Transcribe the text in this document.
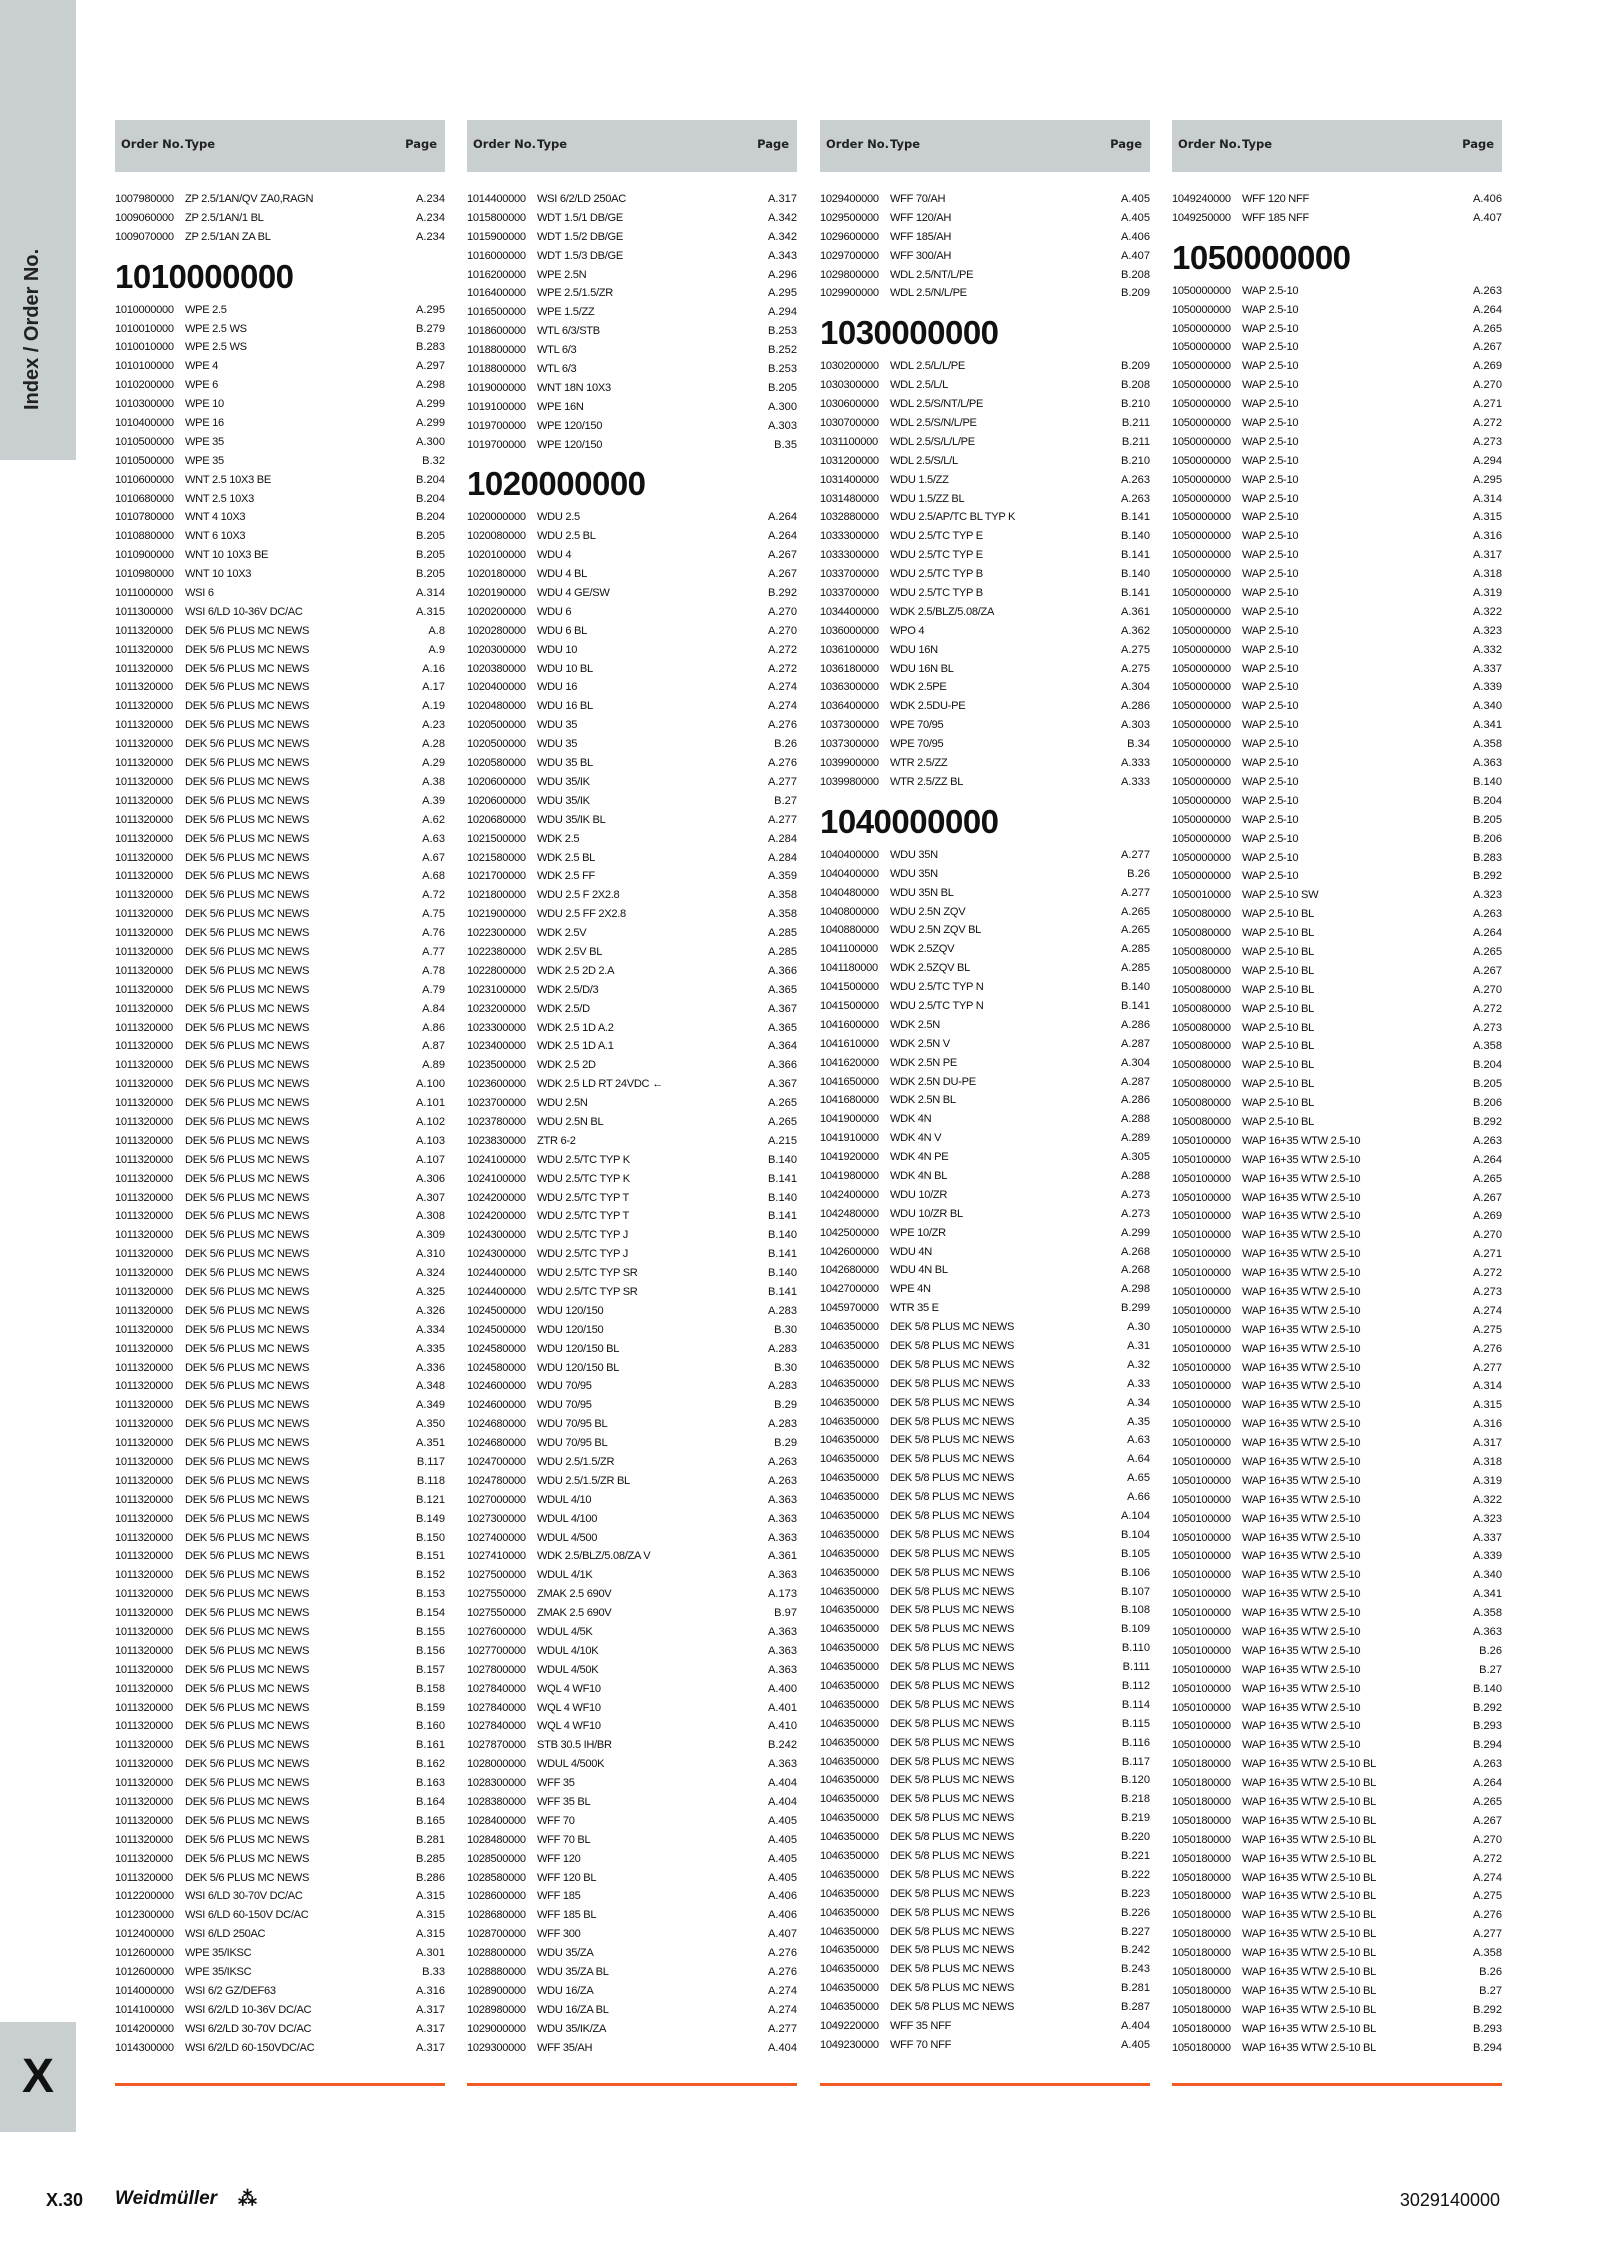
Index / Order No.
X
Order No. Type	Page
1007980000	ZP 2.5/1AN/QV ZA0,RAGN	A.234
1009060000	ZP 2.5/1AN/1 BL	A.234
1009070000	ZP 2.5/1AN ZA BL	A.234
1010000000
1010000000	WPE 2.5	A.295
1010010000	WPE 2.5 WS	B.279
1010010000	WPE 2.5 WS	B.283
1010100000	WPE 4	A.297
1010200000	WPE 6	A.298
1010300000	WPE 10	A.299
1010400000	WPE 16	A.299
1010500000	WPE 35	A.300
1010500000	WPE 35	B.32
1010600000	WNT 2.5 10X3 BE	B.204
1010680000	WNT 2.5 10X3	B.204
1010780000	WNT 4 10X3	B.204
1010880000	WNT 6 10X3	B.205
1010900000	WNT 10 10X3 BE	B.205
1010980000	WNT 10 10X3	B.205
1011000000	WSI 6	A.314
1011300000	WSI 6/LD 10-36V DC/AC	A.315
1011320000	DEK 5/6 PLUS MC NEWS	A.8
1011320000	DEK 5/6 PLUS MC NEWS	A.9
1011320000	DEK 5/6 PLUS MC NEWS	A.16
1011320000	DEK 5/6 PLUS MC NEWS	A.17
1011320000	DEK 5/6 PLUS MC NEWS	A.19
1011320000	DEK 5/6 PLUS MC NEWS	A.23
1011320000	DEK 5/6 PLUS MC NEWS	A.28
1011320000	DEK 5/6 PLUS MC NEWS	A.29
1011320000	DEK 5/6 PLUS MC NEWS	A.38
1011320000	DEK 5/6 PLUS MC NEWS	A.39
1011320000	DEK 5/6 PLUS MC NEWS	A.62
1011320000	DEK 5/6 PLUS MC NEWS	A.63
1011320000	DEK 5/6 PLUS MC NEWS	A.67
1011320000	DEK 5/6 PLUS MC NEWS	A.68
1011320000	DEK 5/6 PLUS MC NEWS	A.72
1011320000	DEK 5/6 PLUS MC NEWS	A.75
1011320000	DEK 5/6 PLUS MC NEWS	A.76
1011320000	DEK 5/6 PLUS MC NEWS	A.77
1011320000	DEK 5/6 PLUS MC NEWS	A.78
1011320000	DEK 5/6 PLUS MC NEWS	A.79
1011320000	DEK 5/6 PLUS MC NEWS	A.84
1011320000	DEK 5/6 PLUS MC NEWS	A.86
1011320000	DEK 5/6 PLUS MC NEWS	A.87
1011320000	DEK 5/6 PLUS MC NEWS	A.89
1011320000	DEK 5/6 PLUS MC NEWS	A.100
1011320000	DEK 5/6 PLUS MC NEWS	A.101
1011320000	DEK 5/6 PLUS MC NEWS	A.102
1011320000	DEK 5/6 PLUS MC NEWS	A.103
1011320000	DEK 5/6 PLUS MC NEWS	A.107
1011320000	DEK 5/6 PLUS MC NEWS	A.306
1011320000	DEK 5/6 PLUS MC NEWS	A.307
1011320000	DEK 5/6 PLUS MC NEWS	A.308
1011320000	DEK 5/6 PLUS MC NEWS	A.309
1011320000	DEK 5/6 PLUS MC NEWS	A.310
1011320000	DEK 5/6 PLUS MC NEWS	A.324
1011320000	DEK 5/6 PLUS MC NEWS	A.325
1011320000	DEK 5/6 PLUS MC NEWS	A.326
1011320000	DEK 5/6 PLUS MC NEWS	A.334
1011320000	DEK 5/6 PLUS MC NEWS	A.335
1011320000	DEK 5/6 PLUS MC NEWS	A.336
1011320000	DEK 5/6 PLUS MC NEWS	A.348
1011320000	DEK 5/6 PLUS MC NEWS	A.349
1011320000	DEK 5/6 PLUS MC NEWS	A.350
1011320000	DEK 5/6 PLUS MC NEWS	A.351
1011320000	DEK 5/6 PLUS MC NEWS	B.117
1011320000	DEK 5/6 PLUS MC NEWS	B.118
1011320000	DEK 5/6 PLUS MC NEWS	B.121
1011320000	DEK 5/6 PLUS MC NEWS	B.149
1011320000	DEK 5/6 PLUS MC NEWS	B.150
1011320000	DEK 5/6 PLUS MC NEWS	B.151
1011320000	DEK 5/6 PLUS MC NEWS	B.152
1011320000	DEK 5/6 PLUS MC NEWS	B.153
1011320000	DEK 5/6 PLUS MC NEWS	B.154
1011320000	DEK 5/6 PLUS MC NEWS	B.155
1011320000	DEK 5/6 PLUS MC NEWS	B.156
1011320000	DEK 5/6 PLUS MC NEWS	B.157
1011320000	DEK 5/6 PLUS MC NEWS	B.158
1011320000	DEK 5/6 PLUS MC NEWS	B.159
1011320000	DEK 5/6 PLUS MC NEWS	B.160
1011320000	DEK 5/6 PLUS MC NEWS	B.161
1011320000	DEK 5/6 PLUS MC NEWS	B.162
1011320000	DEK 5/6 PLUS MC NEWS	B.163
1011320000	DEK 5/6 PLUS MC NEWS	B.164
1011320000	DEK 5/6 PLUS MC NEWS	B.165
1011320000	DEK 5/6 PLUS MC NEWS	B.281
1011320000	DEK 5/6 PLUS MC NEWS	B.285
1011320000	DEK 5/6 PLUS MC NEWS	B.286
1012200000	WSI 6/LD 30-70V DC/AC	A.315
1012300000	WSI 6/LD 60-150V DC/AC	A.315
1012400000	WSI 6/LD 250AC	A.315
1012600000	WPE 35/IKSC	A.301
1012600000	WPE 35/IKSC	B.33
1014000000	WSI 6/2 GZ/DEF63	A.316
1014100000	WSI 6/2/LD 10-36V DC/AC	A.317
1014200000	WSI 6/2/LD 30-70V DC/AC	A.317
1014300000	WSI 6/2/LD 60-150VDC/AC	A.317
Order No. Type	Page
1014400000	WSI 6/2/LD 250AC	A.317
1015800000	WDT 1.5/1 DB/GE	A.342
1015900000	WDT 1.5/2 DB/GE	A.342
1016000000	WDT 1.5/3 DB/GE	A.343
1016200000	WPE 2.5N	A.296
1016400000	WPE 2.5/1.5/ZR	A.295
1016500000	WPE 1.5/ZZ	A.294
1018600000	WTL 6/3/STB	B.253
1018800000	WTL 6/3	B.252
1018800000	WTL 6/3	B.253
1019000000	WNT 18N 10X3	B.205
1019100000	WPE 16N	A.300
1019700000	WPE 120/150	A.303
1019700000	WPE 120/150	B.35
1020000000
1020000000	WDU 2.5	A.264
1020080000	WDU 2.5 BL	A.264
1020100000	WDU 4	A.267
1020180000	WDU 4 BL	A.267
1020190000	WDU 4 GE/SW	B.292
1020200000	WDU 6	A.270
1020280000	WDU 6 BL	A.270
1020300000	WDU 10	A.272
1020380000	WDU 10 BL	A.272
1020400000	WDU 16	A.274
1020480000	WDU 16 BL	A.274
1020500000	WDU 35	A.276
1020500000	WDU 35	B.26
1020580000	WDU 35 BL	A.276
1020600000	WDU 35/IK	A.277
1020600000	WDU 35/IK	B.27
1020680000	WDU 35/IK BL	A.277
1021500000	WDK 2.5	A.284
1021580000	WDK 2.5 BL	A.284
1021700000	WDK 2.5 FF	A.359
1021800000	WDU 2.5 F 2X2.8	A.358
1021900000	WDU 2.5 FF 2X2.8	A.358
1022300000	WDK 2.5V	A.285
1022380000	WDK 2.5V BL	A.285
1022800000	WDK 2.5 2D 2.A	A.366
1023100000	WDK 2.5/D/3	A.365
1023200000	WDK 2.5/D	A.367
1023300000	WDK 2.5 1D A.2	A.365
1023400000	WDK 2.5 1D A.1	A.364
1023500000	WDK 2.5 2D	A.366
1023600000	WDK 2.5 LD RT 24VDC ←	A.367
1023700000	WDU 2.5N	A.265
1023780000	WDU 2.5N BL	A.265
1023830000	ZTR 6-2	A.215
1024100000	WDU 2.5/TC TYP K	B.140
1024100000	WDU 2.5/TC TYP K	B.141
1024200000	WDU 2.5/TC TYP T	B.140
1024200000	WDU 2.5/TC TYP T	B.141
1024300000	WDU 2.5/TC TYP J	B.140
1024300000	WDU 2.5/TC TYP J	B.141
1024400000	WDU 2.5/TC TYP SR	B.140
1024400000	WDU 2.5/TC TYP SR	B.141
1024500000	WDU 120/150	A.283
1024500000	WDU 120/150	B.30
1024580000	WDU 120/150 BL	A.283
1024580000	WDU 120/150 BL	B.30
1024600000	WDU 70/95	A.283
1024600000	WDU 70/95	B.29
1024680000	WDU 70/95 BL	A.283
1024680000	WDU 70/95 BL	B.29
1024700000	WDU 2.5/1.5/ZR	A.263
1024780000	WDU 2.5/1.5/ZR BL	A.263
1027000000	WDUL 4/10	A.363
1027300000	WDUL 4/100	A.363
1027400000	WDUL 4/500	A.363
1027410000	WDK 2.5/BLZ/5.08/ZA V	A.361
1027500000	WDUL 4/1K	A.363
1027550000	ZMAK 2.5 690V	A.173
1027550000	ZMAK 2.5 690V	B.97
1027600000	WDUL 4/5K	A.363
1027700000	WDUL 4/10K	A.363
1027800000	WDUL 4/50K	A.363
1027840000	WQL 4 WF10	A.400
1027840000	WQL 4 WF10	A.401
1027840000	WQL 4 WF10	A.410
1027870000	STB 30.5 IH/BR	B.242
1028000000	WDUL 4/500K	A.363
1028300000	WFF 35	A.404
1028380000	WFF 35 BL	A.404
1028400000	WFF 70	A.405
1028480000	WFF 70 BL	A.405
1028500000	WFF 120	A.405
1028580000	WFF 120 BL	A.405
1028600000	WFF 185	A.406
1028680000	WFF 185 BL	A.406
1028700000	WFF 300	A.407
1028800000	WDU 35/ZA	A.276
1028880000	WDU 35/ZA BL	A.276
1028900000	WDU 16/ZA	A.274
1028980000	WDU 16/ZA BL	A.274
1029000000	WDU 35/IK/ZA	A.277
1029300000	WFF 35/AH	A.404
Order No. Type	Page
1029400000	WFF 70/AH	A.405
1029500000	WFF 120/AH	A.405
1029600000	WFF 185/AH	A.406
1029700000	WFF 300/AH	A.407
1029800000	WDL 2.5/NT/L/PE	B.208
1029900000	WDL 2.5/N/L/PE	B.209
1030000000
1030200000	WDL 2.5/L/L/PE	B.209
1030300000	WDL 2.5/L/L	B.208
1030600000	WDL 2.5/S/NT/L/PE	B.210
1030700000	WDL 2.5/S/N/L/PE	B.211
1031100000	WDL 2.5/S/L/L/PE	B.211
1031200000	WDL 2.5/S/L/L	B.210
1031400000	WDU 1.5/ZZ	A.263
1031480000	WDU 1.5/ZZ BL	A.263
1032880000	WDU 2.5/AP/TC BL TYP K	B.141
1033300000	WDU 2.5/TC TYP E	B.140
1033300000	WDU 2.5/TC TYP E	B.141
1033700000	WDU 2.5/TC TYP B	B.140
1033700000	WDU 2.5/TC TYP B	B.141
1034400000	WDK 2.5/BLZ/5.08/ZA	A.361
1036000000	WPO 4	A.362
1036100000	WDU 16N	A.275
1036180000	WDU 16N BL	A.275
1036300000	WDK 2.5PE	A.304
1036400000	WDK 2.5DU-PE	A.286
1037300000	WPE 70/95	A.303
1037300000	WPE 70/95	B.34
1039900000	WTR 2.5/ZZ	A.333
1039980000	WTR 2.5/ZZ BL	A.333
1040000000
1040400000	WDU 35N	A.277
1040400000	WDU 35N	B.26
1040480000	WDU 35N BL	A.277
1040800000	WDU 2.5N ZQV	A.265
1040880000	WDU 2.5N ZQV BL	A.265
1041100000	WDK 2.5ZQV	A.285
1041180000	WDK 2.5ZQV BL	A.285
1041500000	WDU 2.5/TC TYP N	B.140
1041500000	WDU 2.5/TC TYP N	B.141
1041600000	WDK 2.5N	A.286
1041610000	WDK 2.5N V	A.287
1041620000	WDK 2.5N PE	A.304
1041650000	WDK 2.5N DU-PE	A.287
1041680000	WDK 2.5N BL	A.286
1041900000	WDK 4N	A.288
1041910000	WDK 4N V	A.289
1041920000	WDK 4N PE	A.305
1041980000	WDK 4N BL	A.288
1042400000	WDU 10/ZR	A.273
1042480000	WDU 10/ZR BL	A.273
1042500000	WPE 10/ZR	A.299
1042600000	WDU 4N	A.268
1042680000	WDU 4N BL	A.268
1042700000	WPE 4N	A.298
1045970000	WTR 35 E	B.299
1046350000	DEK 5/8 PLUS MC NEWS	A.30
1046350000	DEK 5/8 PLUS MC NEWS	A.31
1046350000	DEK 5/8 PLUS MC NEWS	A.32
1046350000	DEK 5/8 PLUS MC NEWS	A.33
1046350000	DEK 5/8 PLUS MC NEWS	A.34
1046350000	DEK 5/8 PLUS MC NEWS	A.35
1046350000	DEK 5/8 PLUS MC NEWS	A.63
1046350000	DEK 5/8 PLUS MC NEWS	A.64
1046350000	DEK 5/8 PLUS MC NEWS	A.65
1046350000	DEK 5/8 PLUS MC NEWS	A.66
1046350000	DEK 5/8 PLUS MC NEWS	A.104
1046350000	DEK 5/8 PLUS MC NEWS	B.104
1046350000	DEK 5/8 PLUS MC NEWS	B.105
1046350000	DEK 5/8 PLUS MC NEWS	B.106
1046350000	DEK 5/8 PLUS MC NEWS	B.107
1046350000	DEK 5/8 PLUS MC NEWS	B.108
1046350000	DEK 5/8 PLUS MC NEWS	B.109
1046350000	DEK 5/8 PLUS MC NEWS	B.110
1046350000	DEK 5/8 PLUS MC NEWS	B.111
1046350000	DEK 5/8 PLUS MC NEWS	B.112
1046350000	DEK 5/8 PLUS MC NEWS	B.114
1046350000	DEK 5/8 PLUS MC NEWS	B.115
1046350000	DEK 5/8 PLUS MC NEWS	B.116
1046350000	DEK 5/8 PLUS MC NEWS	B.117
1046350000	DEK 5/8 PLUS MC NEWS	B.120
1046350000	DEK 5/8 PLUS MC NEWS	B.218
1046350000	DEK 5/8 PLUS MC NEWS	B.219
1046350000	DEK 5/8 PLUS MC NEWS	B.220
1046350000	DEK 5/8 PLUS MC NEWS	B.221
1046350000	DEK 5/8 PLUS MC NEWS	B.222
1046350000	DEK 5/8 PLUS MC NEWS	B.223
1046350000	DEK 5/8 PLUS MC NEWS	B.226
1046350000	DEK 5/8 PLUS MC NEWS	B.227
1046350000	DEK 5/8 PLUS MC NEWS	B.242
1046350000	DEK 5/8 PLUS MC NEWS	B.243
1046350000	DEK 5/8 PLUS MC NEWS	B.281
1046350000	DEK 5/8 PLUS MC NEWS	B.287
1049220000	WFF 35 NFF	A.404
1049230000	WFF 70 NFF	A.405
Order No. Type	Page
1049240000	WFF 120 NFF	A.406
1049250000	WFF 185 NFF	A.407
1050000000
1050000000	WAP 2.5-10	A.263
1050000000	WAP 2.5-10	A.264
1050000000	WAP 2.5-10	A.265
1050000000	WAP 2.5-10	A.267
1050000000	WAP 2.5-10	A.269
1050000000	WAP 2.5-10	A.270
1050000000	WAP 2.5-10	A.271
1050000000	WAP 2.5-10	A.272
1050000000	WAP 2.5-10	A.273
1050000000	WAP 2.5-10	A.294
1050000000	WAP 2.5-10	A.295
1050000000	WAP 2.5-10	A.314
1050000000	WAP 2.5-10	A.315
1050000000	WAP 2.5-10	A.316
1050000000	WAP 2.5-10	A.317
1050000000	WAP 2.5-10	A.318
1050000000	WAP 2.5-10	A.319
1050000000	WAP 2.5-10	A.322
1050000000	WAP 2.5-10	A.323
1050000000	WAP 2.5-10	A.332
1050000000	WAP 2.5-10	A.337
1050000000	WAP 2.5-10	A.339
1050000000	WAP 2.5-10	A.340
1050000000	WAP 2.5-10	A.341
1050000000	WAP 2.5-10	A.358
1050000000	WAP 2.5-10	A.363
1050000000	WAP 2.5-10	B.140
1050000000	WAP 2.5-10	B.204
1050000000	WAP 2.5-10	B.205
1050000000	WAP 2.5-10	B.206
1050000000	WAP 2.5-10	B.283
1050000000	WAP 2.5-10	B.292
1050010000	WAP 2.5-10 SW	A.323
1050080000	WAP 2.5-10 BL	A.263
1050080000	WAP 2.5-10 BL	A.264
1050080000	WAP 2.5-10 BL	A.265
1050080000	WAP 2.5-10 BL	A.267
1050080000	WAP 2.5-10 BL	A.270
1050080000	WAP 2.5-10 BL	A.272
1050080000	WAP 2.5-10 BL	A.273
1050080000	WAP 2.5-10 BL	A.358
1050080000	WAP 2.5-10 BL	B.204
1050080000	WAP 2.5-10 BL	B.205
1050080000	WAP 2.5-10 BL	B.206
1050080000	WAP 2.5-10 BL	B.292
1050100000	WAP 16+35 WTW 2.5-10	A.263
1050100000	WAP 16+35 WTW 2.5-10	A.264
1050100000	WAP 16+35 WTW 2.5-10	A.265
1050100000	WAP 16+35 WTW 2.5-10	A.267
1050100000	WAP 16+35 WTW 2.5-10	A.269
1050100000	WAP 16+35 WTW 2.5-10	A.270
1050100000	WAP 16+35 WTW 2.5-10	A.271
1050100000	WAP 16+35 WTW 2.5-10	A.272
1050100000	WAP 16+35 WTW 2.5-10	A.273
1050100000	WAP 16+35 WTW 2.5-10	A.274
1050100000	WAP 16+35 WTW 2.5-10	A.275
1050100000	WAP 16+35 WTW 2.5-10	A.276
1050100000	WAP 16+35 WTW 2.5-10	A.277
1050100000	WAP 16+35 WTW 2.5-10	A.314
1050100000	WAP 16+35 WTW 2.5-10	A.315
1050100000	WAP 16+35 WTW 2.5-10	A.316
1050100000	WAP 16+35 WTW 2.5-10	A.317
1050100000	WAP 16+35 WTW 2.5-10	A.318
1050100000	WAP 16+35 WTW 2.5-10	A.319
1050100000	WAP 16+35 WTW 2.5-10	A.322
1050100000	WAP 16+35 WTW 2.5-10	A.323
1050100000	WAP 16+35 WTW 2.5-10	A.337
1050100000	WAP 16+35 WTW 2.5-10	A.339
1050100000	WAP 16+35 WTW 2.5-10	A.340
1050100000	WAP 16+35 WTW 2.5-10	A.341
1050100000	WAP 16+35 WTW 2.5-10	A.358
1050100000	WAP 16+35 WTW 2.5-10	A.363
1050100000	WAP 16+35 WTW 2.5-10	B.26
1050100000	WAP 16+35 WTW 2.5-10	B.27
1050100000	WAP 16+35 WTW 2.5-10	B.140
1050100000	WAP 16+35 WTW 2.5-10	B.292
1050100000	WAP 16+35 WTW 2.5-10	B.293
1050100000	WAP 16+35 WTW 2.5-10	B.294
1050180000	WAP 16+35 WTW 2.5-10 BL	A.263
1050180000	WAP 16+35 WTW 2.5-10 BL	A.264
1050180000	WAP 16+35 WTW 2.5-10 BL	A.265
1050180000	WAP 16+35 WTW 2.5-10 BL	A.267
1050180000	WAP 16+35 WTW 2.5-10 BL	A.270
1050180000	WAP 16+35 WTW 2.5-10 BL	A.272
1050180000	WAP 16+35 WTW 2.5-10 BL	A.274
1050180000	WAP 16+35 WTW 2.5-10 BL	A.275
1050180000	WAP 16+35 WTW 2.5-10 BL	A.276
1050180000	WAP 16+35 WTW 2.5-10 BL	A.277
1050180000	WAP 16+35 WTW 2.5-10 BL	A.358
1050180000	WAP 16+35 WTW 2.5-10 BL	B.26
1050180000	WAP 16+35 WTW 2.5-10 BL	B.27
1050180000	WAP 16+35 WTW 2.5-10 BL	B.292
1050180000	WAP 16+35 WTW 2.5-10 BL	B.293
1050180000	WAP 16+35 WTW 2.5-10 BL	B.294
X.30 Weidmüller ⁂	3029140000
